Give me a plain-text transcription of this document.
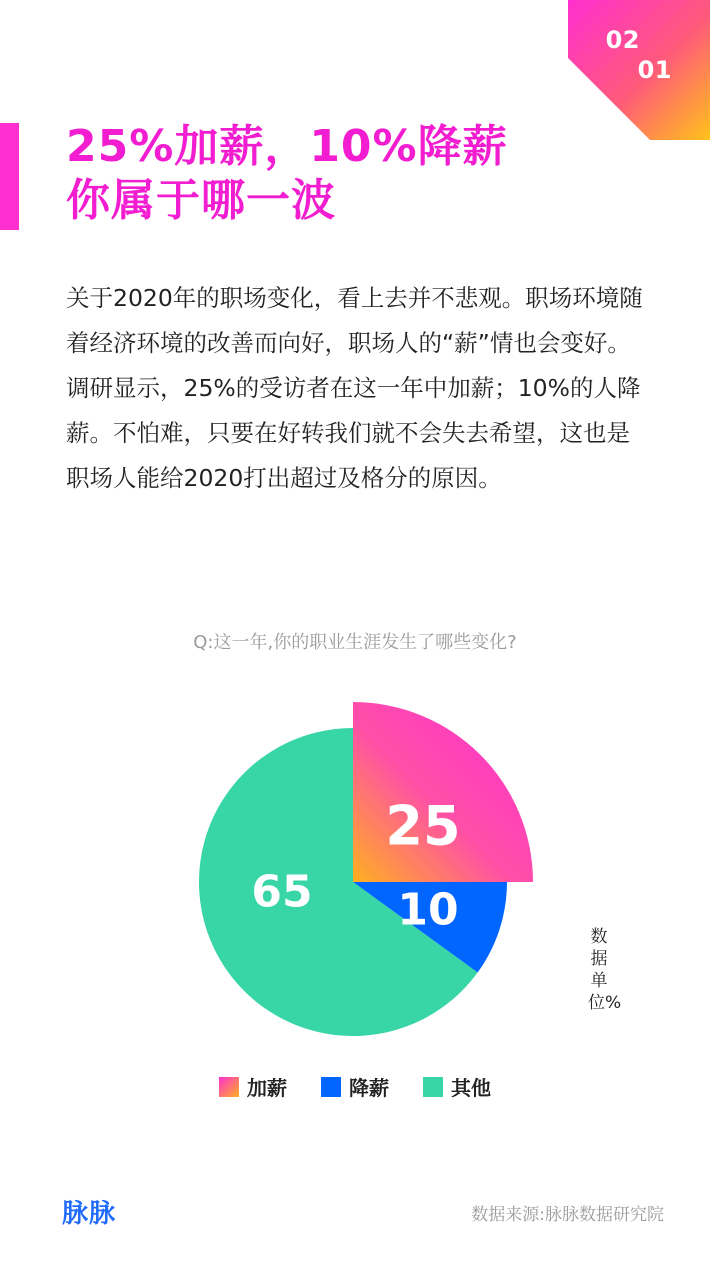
02
01
25%加薪，10%降薪
你属于哪一波

关于2020年的职场变化，看上去并不悲观。职场环境随着经济环境的改善而向好，职场人的“薪”情也会变好。调研显示，25%的受访者在这一年中加薪；10%的人降薪。不怕难，只要在好转我们就不会失去希望，这也是职场人能给2020打出超过及格分的原因。

Q:这一年,你的职业生涯发生了哪些变化?
25
10
65
数据单位%
加薪	降薪	其他
脉脉	数据来源:脉脉数据研究院
